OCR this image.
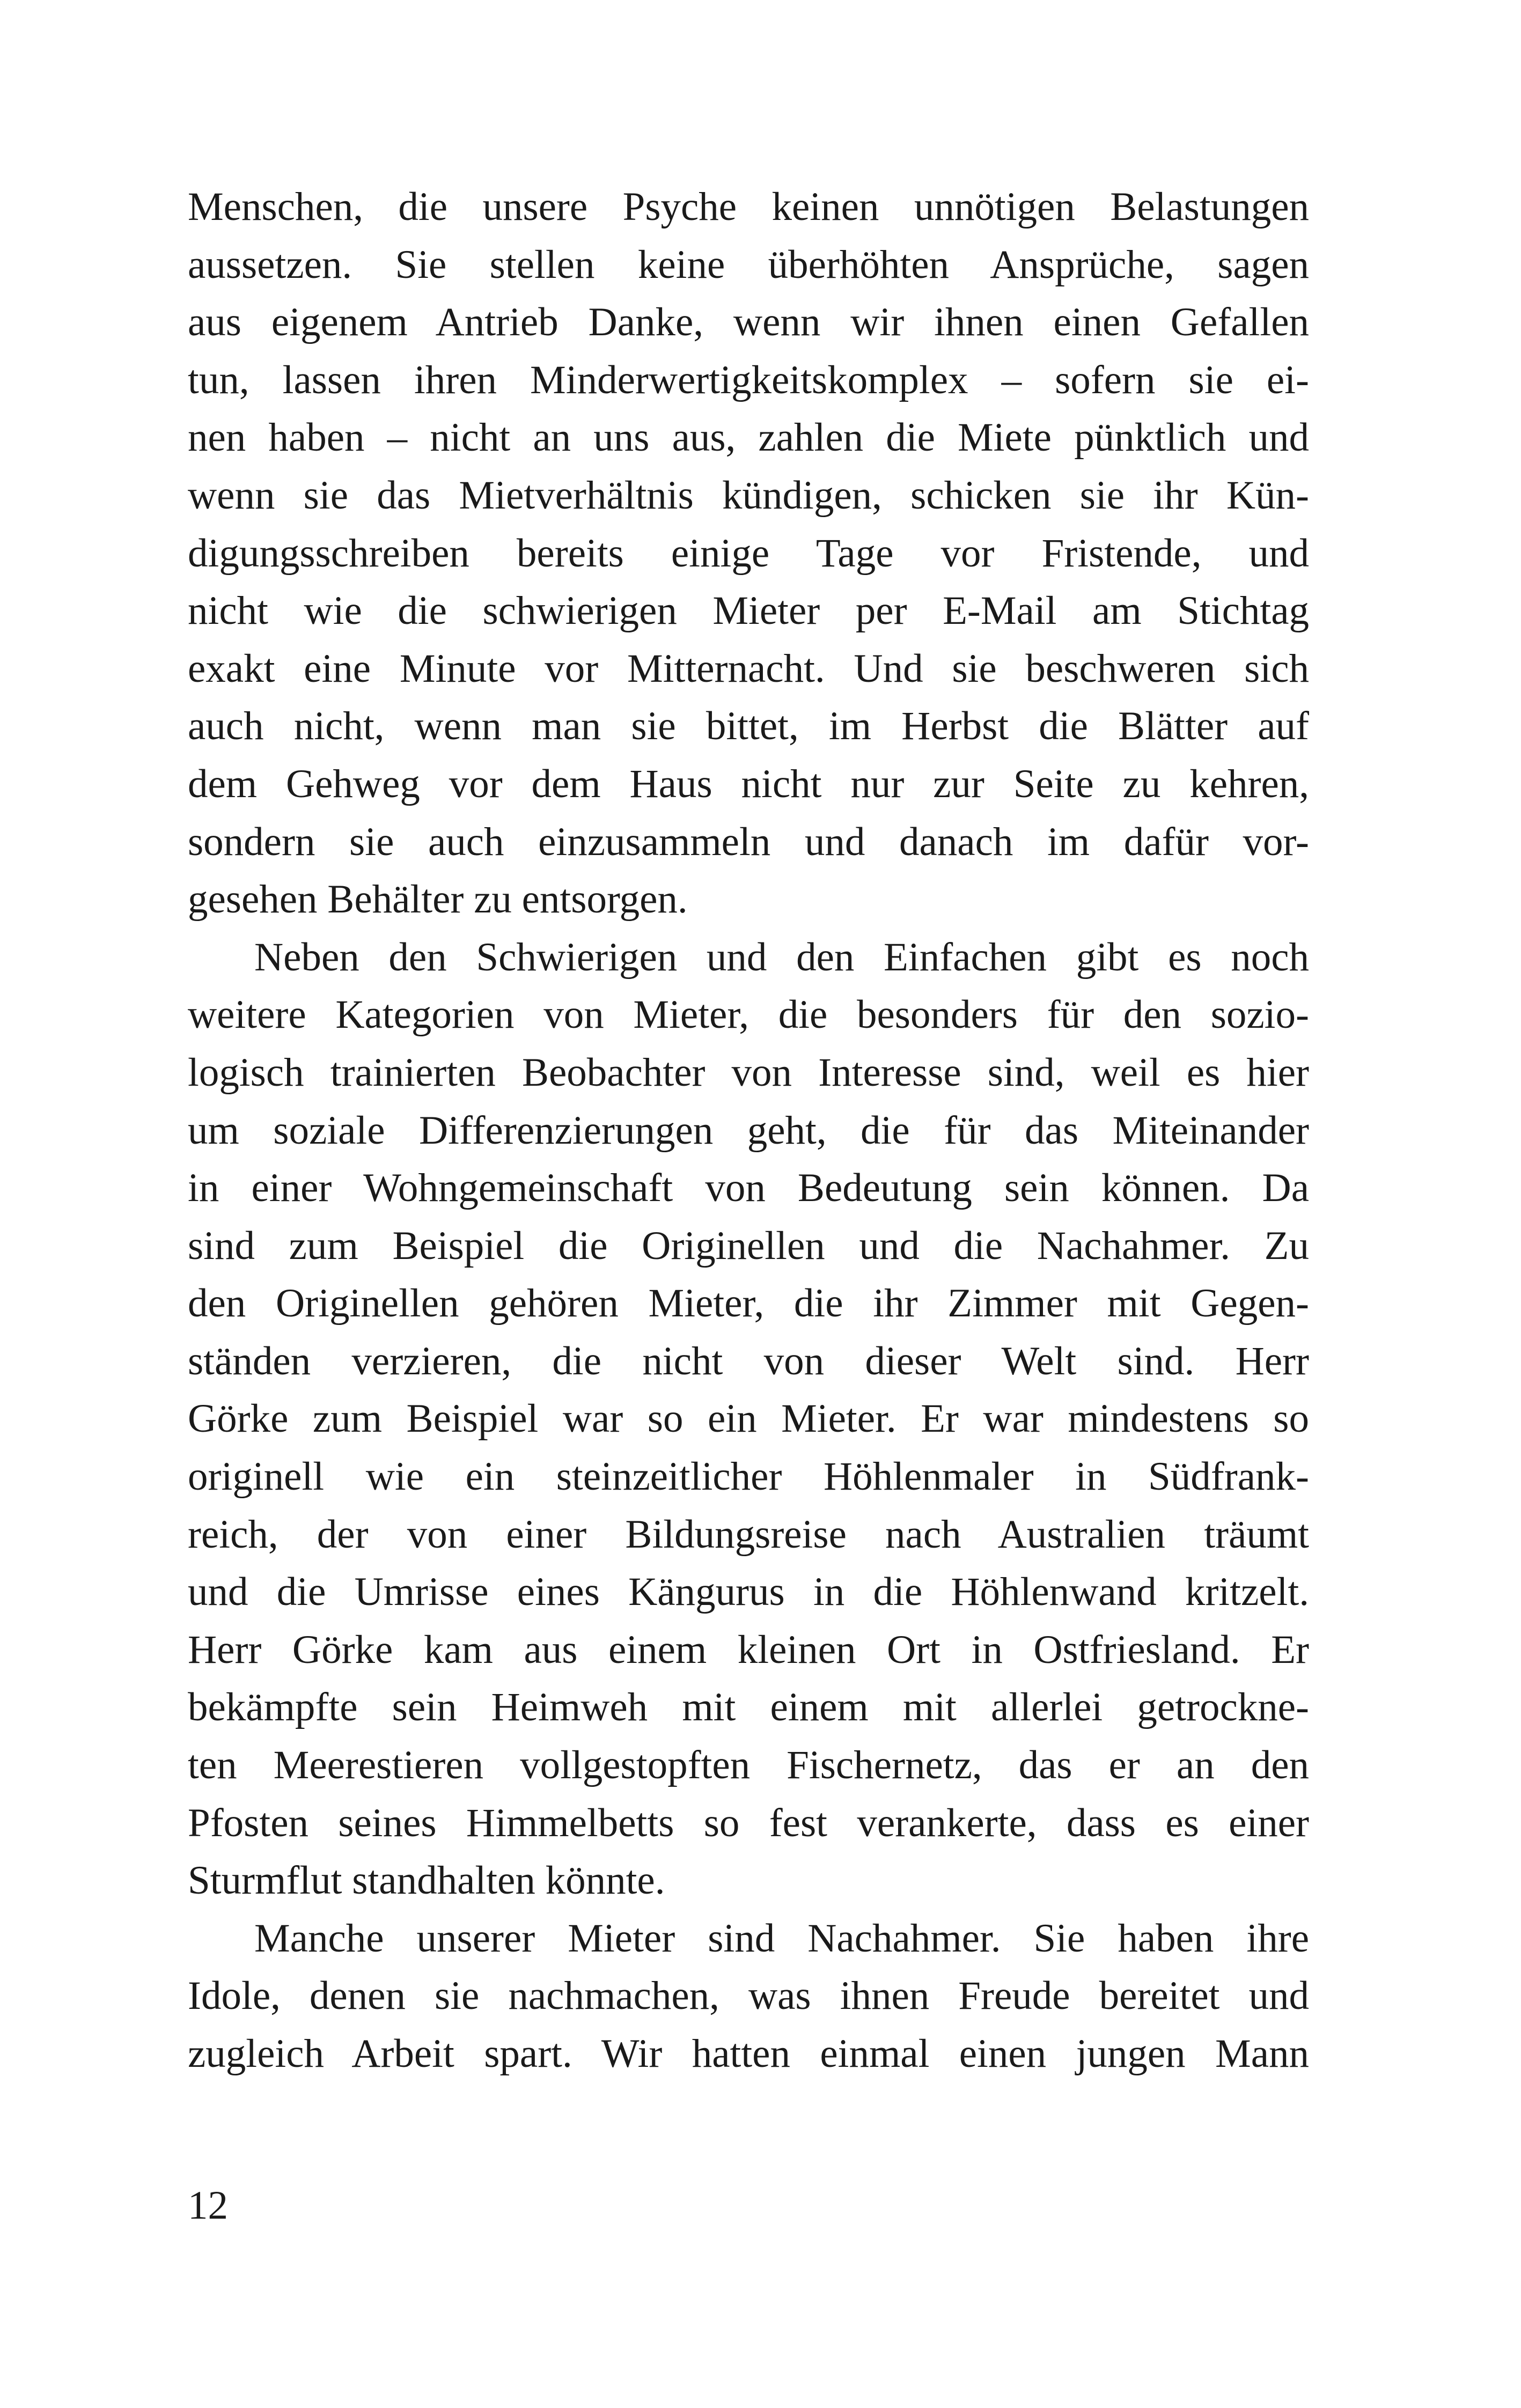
Menschen, die unsere Psyche keinen unnötigen Belastungen
aussetzen. Sie stellen keine überhöhten Ansprüche, sagen
aus eigenem Antrieb Danke, wenn wir ihnen einen Gefallen
tun, lassen ihren Minderwertigkeitskomplex – sofern sie ei-
nen haben – nicht an uns aus, zahlen die Miete pünktlich und
wenn sie das Mietverhältnis kündigen, schicken sie ihr Kün-
digungsschreiben bereits einige Tage vor Fristende, und
nicht wie die schwierigen Mieter per E-Mail am Stichtag
exakt eine Minute vor Mitternacht. Und sie beschweren sich
auch nicht, wenn man sie bittet, im Herbst die Blätter auf
dem Gehweg vor dem Haus nicht nur zur Seite zu kehren,
sondern sie auch einzusammeln und danach im dafür vor-
gesehen Behälter zu entsorgen.
Neben den Schwierigen und den Einfachen gibt es noch
weitere Kategorien von Mieter, die besonders für den sozio-
logisch trainierten Beobachter von Interesse sind, weil es hier
um soziale Differenzierungen geht, die für das Miteinander
in einer Wohngemeinschaft von Bedeutung sein können. Da
sind zum Beispiel die Originellen und die Nachahmer. Zu
den Originellen gehören Mieter, die ihr Zimmer mit Gegen-
ständen verzieren, die nicht von dieser Welt sind. Herr
Görke zum Beispiel war so ein Mieter. Er war mindestens so
originell wie ein steinzeitlicher Höhlenmaler in Südfrank-
reich, der von einer Bildungsreise nach Australien träumt
und die Umrisse eines Kängurus in die Höhlenwand kritzelt.
Herr Görke kam aus einem kleinen Ort in Ostfriesland. Er
bekämpfte sein Heimweh mit einem mit allerlei getrockne-
ten Meerestieren vollgestopften Fischernetz, das er an den
Pfosten seines Himmelbetts so fest verankerte, dass es einer
Sturmflut standhalten könnte.
Manche unserer Mieter sind Nachahmer. Sie haben ihre
Idole, denen sie nachmachen, was ihnen Freude bereitet und
zugleich Arbeit spart. Wir hatten einmal einen jungen Mann
12
